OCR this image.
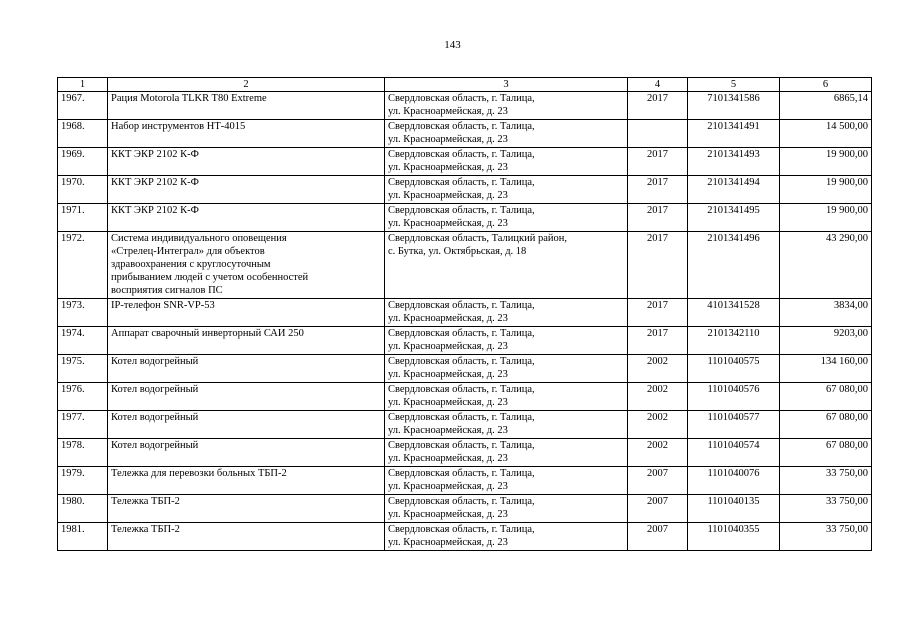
143
1	2	3	4	5	6
1967.	Рация Motorola TLKR T80 Extreme	Свердловская область, г. Талица,
ул. Красноармейская, д. 23	2017	7101341586	6865,14
1968.	Набор инструментов НТ-4015	Свердловская область, г. Талица,
ул. Красноармейская, д. 23		2101341491	14 500,00
1969.	ККТ ЭКР 2102 К-Ф	Свердловская область, г. Талица,
ул. Красноармейская, д. 23	2017	2101341493	19 900,00
1970.	ККТ ЭКР 2102 К-Ф	Свердловская область, г. Талица,
ул. Красноармейская, д. 23	2017	2101341494	19 900,00
1971.	ККТ ЭКР 2102 К-Ф	Свердловская область, г. Талица,
ул. Красноармейская, д. 23	2017	2101341495	19 900,00
1972.	Система индивидуального оповещения
«Стрелец-Интеграл» для объектов
здравоохранения с круглосуточным
прибыванием людей с учетом особенностей
восприятия сигналов ПС	Свердловская область, Талицкий район,
с. Бутка, ул. Октябрьская, д. 18	2017	2101341496	43 290,00
1973.	IP-телефон SNR-VP-53	Свердловская область, г. Талица,
ул. Красноармейская, д. 23	2017	4101341528	3834,00
1974.	Аппарат сварочный инвертoрный САИ 250	Свердловская область, г. Талица,
ул. Красноармейская, д. 23	2017	2101342110	9203,00
1975.	Котел водогрейный	Свердловская область, г. Талица,
ул. Красноармейская, д. 23	2002	1101040575	134 160,00
1976.	Котел водогрейный	Свердловская область, г. Талица,
ул. Красноармейская, д. 23	2002	1101040576	67 080,00
1977.	Котел водогрейный	Свердловская область, г. Талица,
ул. Красноармейская, д. 23	2002	1101040577	67 080,00
1978.	Котел водогрейный	Свердловская область, г. Талица,
ул. Красноармейская, д. 23	2002	1101040574	67 080,00
1979.	Тележка для перевозки больных ТБП-2	Свердловская область, г. Талица,
ул. Красноармейская, д. 23	2007	1101040076	33 750,00
1980.	Тележка ТБП-2	Свердловская область, г. Талица,
ул. Красноармейская, д. 23	2007	1101040135	33 750,00
1981.	Тележка ТБП-2	Свердловская область, г. Талица,
ул. Красноармейская, д. 23	2007	1101040355	33 750,00
